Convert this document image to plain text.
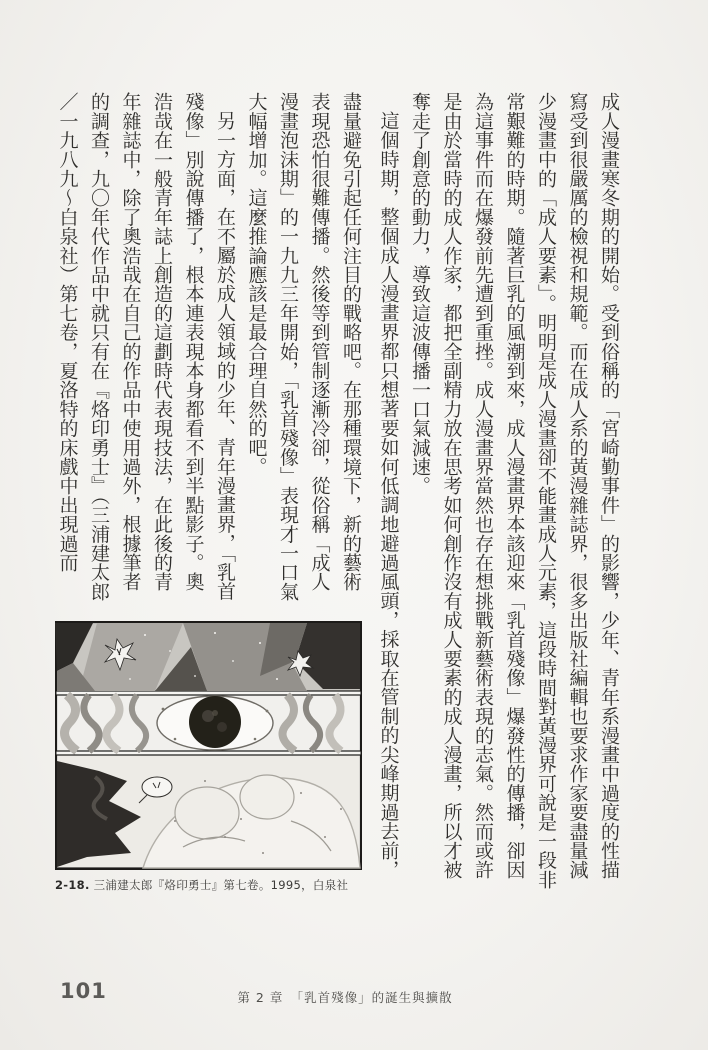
成人漫畫寒冬期的開始。受到俗稱的「宮崎勤事件」的影響，少年、青年系漫畫中過度的性描寫受到很嚴厲的檢視和規範。而在成人系的黃漫雜誌界，很多出版社編輯也要求作家要盡量減少漫畫中的「成人要素」。明明是成人漫畫卻不能畫成人元素，這段時間對黃漫界可說是一段非常艱難的時期。隨著巨乳的風潮到來，成人漫畫界本該迎來「乳首殘像」爆發性的傳播，卻因為這事件而在爆發前先遭到重挫。成人漫畫界當然也存在想挑戰新藝術表現的志氣。然而或許是由於當時的成人作家，都把全副精力放在思考如何創作沒有成人要素的成人漫畫，所以才被奪走了創意的動力，導致這波傳播一口氣減速。

這個時期，整個成人漫畫界都只想著要如何低調地避過風頭，採取在管制的尖峰期過去前，

盡量避免引起任何注目的戰略吧。在那種環境下，新的藝術表現恐怕很難傳播。然後等到管制逐漸冷卻，從俗稱「成人漫畫泡沫期」的一九九三年開始，「乳首殘像」表現才一口氣大幅增加。這麼推論應該是最合理自然的吧。

另一方面，在不屬於成人領域的少年、青年漫畫界，「乳首殘像」別說傳播了，根本連表現本身都看不到半點影子。奧浩哉在一般青年誌上創造的這劃時代表現技法，在此後的青年雜誌中，除了奧浩哉在自己的作品中使用過外，根據筆者的調查，九〇年代作品中就只有在『烙印勇士』（三浦建太郎／一九八九～白泉社）第七卷，夏洛特的床戲中出現過而

2-18. 三浦建太郎『烙印勇士』第七卷。1995，白泉社
101	第 2 章　「乳首殘像」的誕生與擴散
